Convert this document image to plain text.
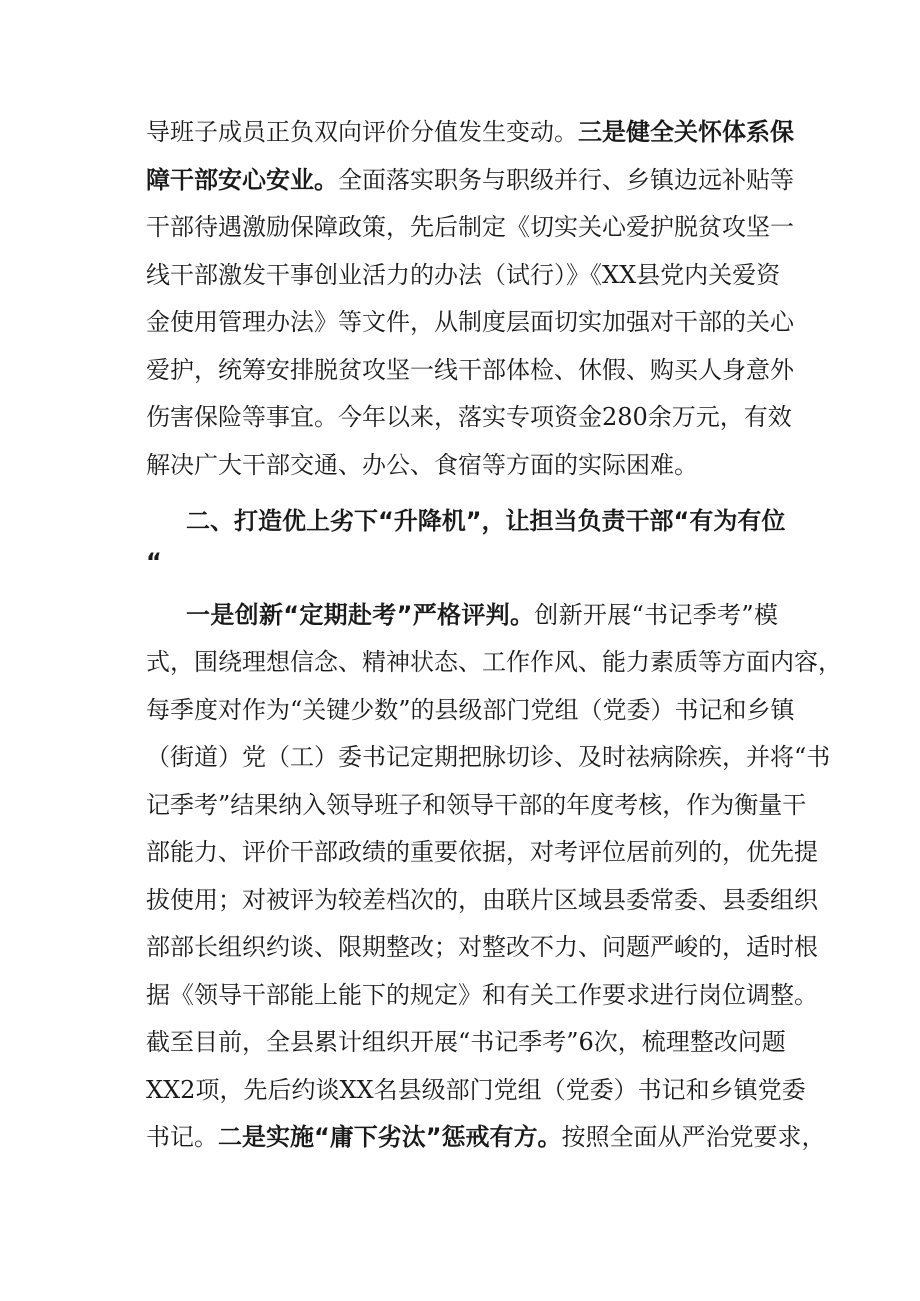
导班子成员正负双向评价分值发生变动。三是健全关怀体系保
障干部安心安业。全面落实职务与职级并行、乡镇边远补贴等
干部待遇激励保障政策，先后制定《切实关心爱护脱贫攻坚一
线干部激发干事创业活力的办法（试行）》《XX县党内关爱资
金使用管理办法》等文件，从制度层面切实加强对干部的关心
爱护，统筹安排脱贫攻坚一线干部体检、休假、购买人身意外
伤害保险等事宜。今年以来，落实专项资金280余万元，有效
解决广大干部交通、办公、食宿等方面的实际困难。
二、打造优上劣下“升降机”，让担当负责干部“有为有位
“
一是创新“定期赴考”严格评判。创新开展“书记季考”模
式，围绕理想信念、精神状态、工作作风、能力素质等方面内容，
每季度对作为“关键少数”的县级部门党组（党委）书记和乡镇
（街道）党（工）委书记定期把脉切诊、及时祛病除疾，并将“书
记季考”结果纳入领导班子和领导干部的年度考核，作为衡量干
部能力、评价干部政绩的重要依据，对考评位居前列的，优先提
拔使用；对被评为较差档次的，由联片区域县委常委、县委组织
部部长组织约谈、限期整改；对整改不力、问题严峻的，适时根
据《领导干部能上能下的规定》和有关工作要求进行岗位调整。
截至目前，全县累计组织开展“书记季考”6次，梳理整改问题
XX2项，先后约谈XX名县级部门党组（党委）书记和乡镇党委
书记。二是实施“庸下劣汰”惩戒有方。按照全面从严治党要求，
